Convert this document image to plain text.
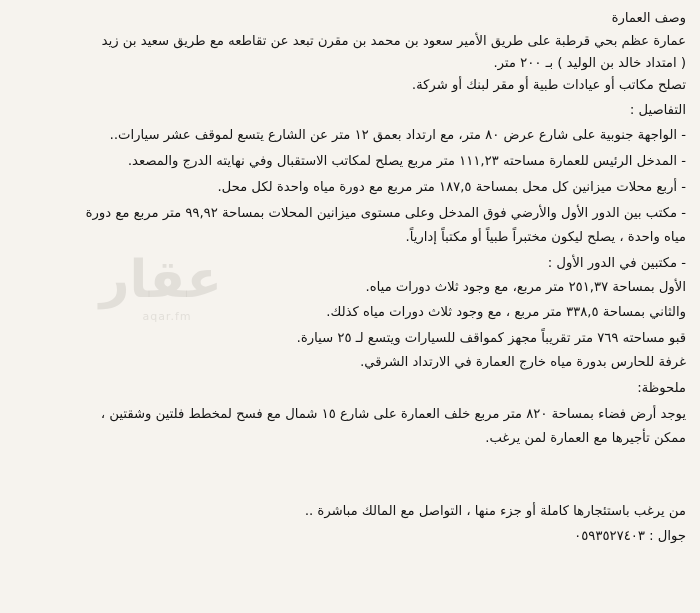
عقار
aqar.fm
وصف العمارة
عمارة عظم بحي قرطبة على طريق الأمير سعود بن محمد بن مقرن تبعد عن تقاطعه مع طريق سعيد بن زيد
( امتداد خالد بن الوليد ) بـ ٢٠٠ متر.
تصلح مكاتب أو عيادات طبية أو مقر لبنك أو شركة.
التفاصيل :
- الواجهة جنوبية على شارع عرض ٨٠ متر، مع ارتداد بعمق ١٢ متر عن الشارع يتسع لموقف عشر سيارات..
- المدخل الرئيس للعمارة مساحته ١١١,٢٣ متر مربع يصلح لمكاتب الاستقبال وفي نهايته الدرج والمصعد.
- أربع محلات ميزانين كل محل بمساحة ١٨٧,٥ متر مربع مع دورة مياه واحدة لكل محل.
- مكتب بين الدور الأول والأرضي فوق المدخل وعلى مستوى ميزانين المحلات بمساحة ٩٩,٩٢ متر مربع مع دورة
مياه واحدة ، يصلح ليكون مختبراً طبياً أو مكتباً إدارياً.
- مكتبين في الدور الأول :
الأول بمساحة ٢٥١,٣٧ متر مربع، مع وجود ثلاث دورات مياه.
والثاني بمساحة ٣٣٨,٥ متر مربع ، مع وجود ثلاث دورات مياه كذلك.
قبو مساحته ٧٦٩ متر تقريباً مجهز كمواقف للسيارات ويتسع لـ ٢٥ سيارة.
غرفة للحارس بدورة مياه خارج العمارة في الارتداد الشرقي.
ملحوظة:
يوجد أرض فضاء بمساحة ٨٢٠ متر مربع خلف العمارة على شارع ١٥ شمال مع فسح لمخطط فلتين وشقتين ،
ممكن تأجيرها مع العمارة لمن يرغب.
من يرغب باستئجارها كاملة أو جزء منها ، التواصل مع المالك مباشرة ..
جوال : ٠٥٩٣٥٢٧٤٠٣
